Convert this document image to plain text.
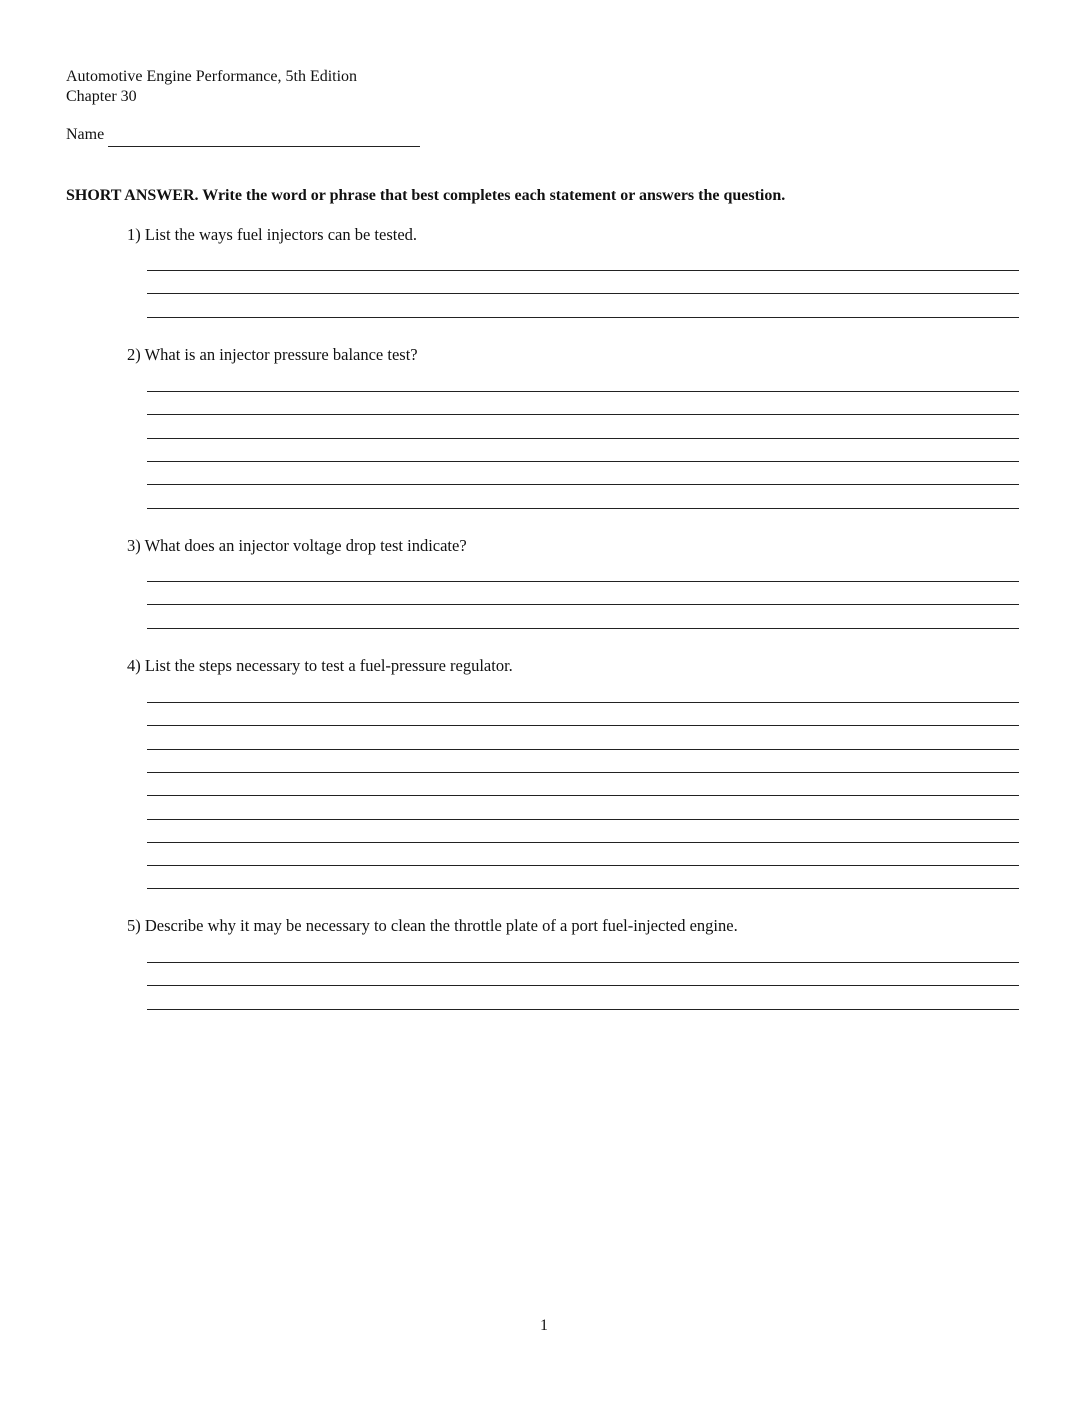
Automotive Engine Performance, 5th Edition
Chapter 30
Name
SHORT ANSWER. Write the word or phrase that best completes each statement or answers the question.
1) List the ways fuel injectors can be tested.
2) What is an injector pressure balance test?
3) What does an injector voltage drop test indicate?
4) List the steps necessary to test a fuel-pressure regulator.
5) Describe why it may be necessary to clean the throttle plate of a port fuel-injected engine.
1
